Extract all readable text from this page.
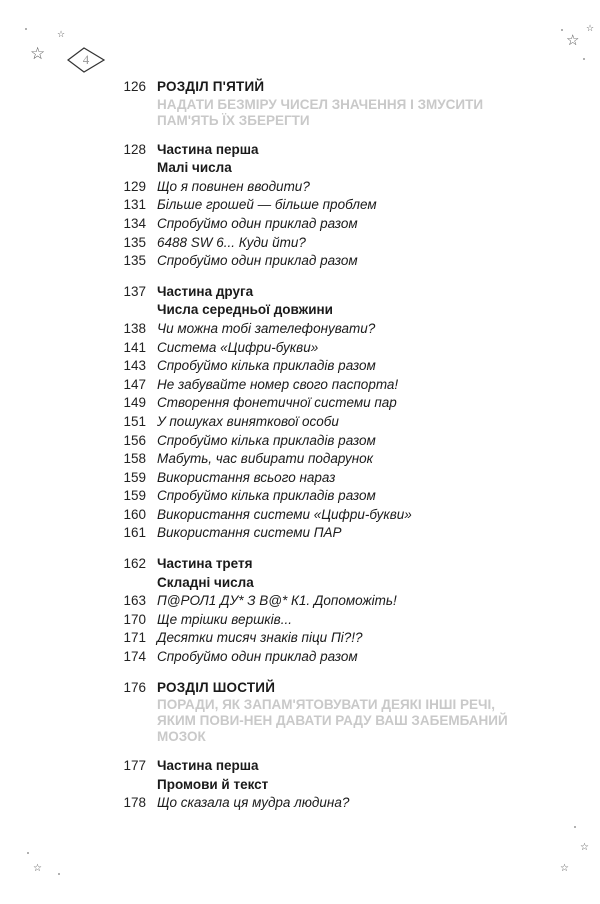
☆
☆	☆
☆
☆
☆
☆
4
126 РОЗДІЛ П'ЯТИЙ
НАДАТИ БЕЗМІРУ ЧИСЕЛ ЗНАЧЕННЯ І ЗМУСИТИ ПАМ'ЯТЬ ЇХ ЗБЕРЕГТИ
128 Частина перша
Малі числа
129 Що я повинен вводити?
131 Більше грошей — більше проблем
134 Спробуймо один приклад разом
135 6488 SW 6... Куди йти?
135 Спробуймо один приклад разом
137 Частина друга
Числа середньої довжини
138 Чи можна тобі зателефонувати?
141 Система «Цифри-букви»
143 Спробуймо кілька прикладів разом
147 Не забувайте номер свого паспорта!
149 Створення фонетичної системи пар
151 У пошуках виняткової особи
156 Спробуймо кілька прикладів разом
158 Мабуть, час вибирати подарунок
159 Використання всього нараз
159 Спробуймо кілька прикладів разом
160 Використання системи «Цифри-букви»
161 Використання системи ПАР
162 Частина третя
Складні числа
163 П@РОЛ1 ДУ* З В@* К1. Допоможіть!
170 Ще трішки вершків...
171 Десятки тисяч знаків піци Пі?!?
174 Спробуймо один приклад разом
176 РОЗДІЛ ШОСТИЙ
ПОРАДИ, ЯК ЗАПАМ'ЯТОВУВАТИ ДЕЯКІ ІНШІ РЕЧІ, ЯКИМ ПОВИ-НЕН ДАВАТИ РАДУ ВАШ ЗАБЕМБАНИЙ МОЗОК
177 Частина перша
Промови й текст
178 Що сказала ця мудра людина?
